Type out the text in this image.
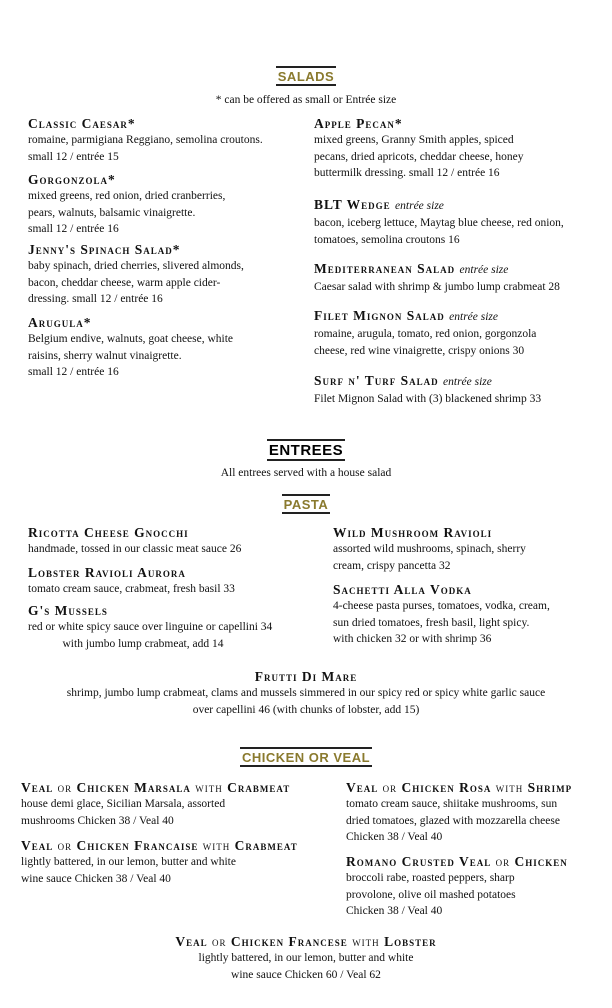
SALADS
* can be offered as small or Entrée size
Classic Caesar*
romaine, parmigiana Reggiano, semolina croutons.
small 12 / entrée 15
Gorgonzola*
mixed greens, red onion, dried cranberries,
pears, walnuts, balsamic vinaigrette.
small 12 / entrée 16
Jenny's Spinach Salad*
baby spinach, dried cherries, slivered almonds,
bacon, cheddar cheese, warm apple cider-
dressing. small 12 / entrée 16
Arugula*
Belgium endive, walnuts, goat cheese, white
raisins, sherry walnut vinaigrette.
small 12 / entrée 16
Apple Pecan*
mixed greens, Granny Smith apples, spiced
pecans, dried apricots, cheddar cheese, honey
buttermilk dressing. small 12 / entrée 16
BLT Wedge entrée size
bacon, iceberg lettuce, Maytag blue cheese, red onion,
tomatoes, semolina croutons 16
Mediterranean Salad entrée size
Caesar salad with shrimp & jumbo lump crabmeat 28
Filet Mignon Salad entrée size
romaine, arugula, tomato, red onion, gorgonzola
cheese, red wine vinaigrette, crispy onions 30
Surf n' Turf Salad entrée size
Filet Mignon Salad with (3) blackened shrimp 33
ENTREES
All entrees served with a house salad
PASTA
Ricotta Cheese Gnocchi
handmade, tossed in our classic meat sauce 26
Lobster Ravioli Aurora
tomato cream sauce, crabmeat, fresh basil 33
G's Mussels
red or white spicy sauce over linguine or capellini 34
with jumbo lump crabmeat, add 14
Wild Mushroom Ravioli
assorted wild mushrooms, spinach, sherry
cream, crispy pancetta 32
Sachetti Alla Vodka
4-cheese pasta purses, tomatoes, vodka, cream,
sun dried tomatoes, fresh basil, light spicy.
with chicken 32 or with shrimp 36
Frutti Di Mare
shrimp, jumbo lump crabmeat, clams and mussels simmered in our spicy red or spicy white garlic sauce
over capellini 46 (with chunks of lobster, add 15)
CHICKEN OR VEAL
Veal or Chicken Marsala with Crabmeat
house demi glace, Sicilian Marsala, assorted
mushrooms Chicken 38 / Veal 40
Veal or Chicken Francaise with Crabmeat
lightly battered, in our lemon, butter and white
wine sauce Chicken 38 / Veal 40
Veal or Chicken Rosa with Shrimp
tomato cream sauce, shiitake mushrooms, sun
dried tomatoes, glazed with mozzarella cheese
Chicken 38 / Veal 40
Romano Crusted Veal or Chicken
broccoli rabe, roasted peppers, sharp
provolone, olive oil mashed potatoes
Chicken 38 / Veal 40
Veal or Chicken Francese with Lobster
lightly battered, in our lemon, butter and white
wine sauce Chicken 60 / Veal 62
